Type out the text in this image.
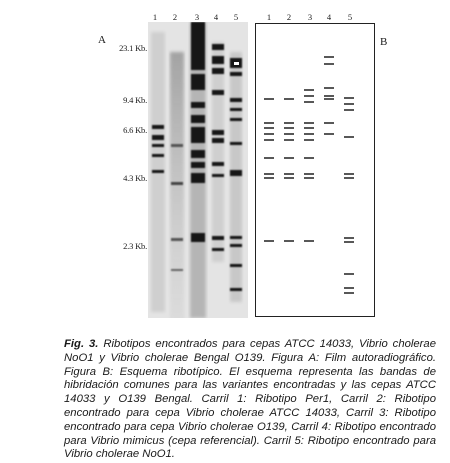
A	B
23.1 Kb.
9.4 Kb.
6.6 Kb.
4.3 Kb.
2.3 Kb.
1	2	3	4	5	1	2	3	4	5
Fig. 3. Ribotipos encontrados para cepas ATCC 14033, Vibrio cholerae NoO1 y Vibrio cholerae Bengal O139. Figura A: Film autoradiográfico. Figura B: Esquema ribotípico. El esquema representa las bandas de hibridación comunes para las variantes encontradas y las cepas ATCC 14033 y O139 Bengal. Carril 1: Ribotipo Per1, Carril 2: Ribotipo encontrado para cepa Vibrio cholerae ATCC 14033, Carril 3: Ribotipo encontrado para cepa Vibrio cholerae O139, Carril 4: Ribotipo encontrado para Vibrio mimicus (cepa referencial). Carril 5: Ribotipo encontrado para Vibrio cholerae NoO1.
